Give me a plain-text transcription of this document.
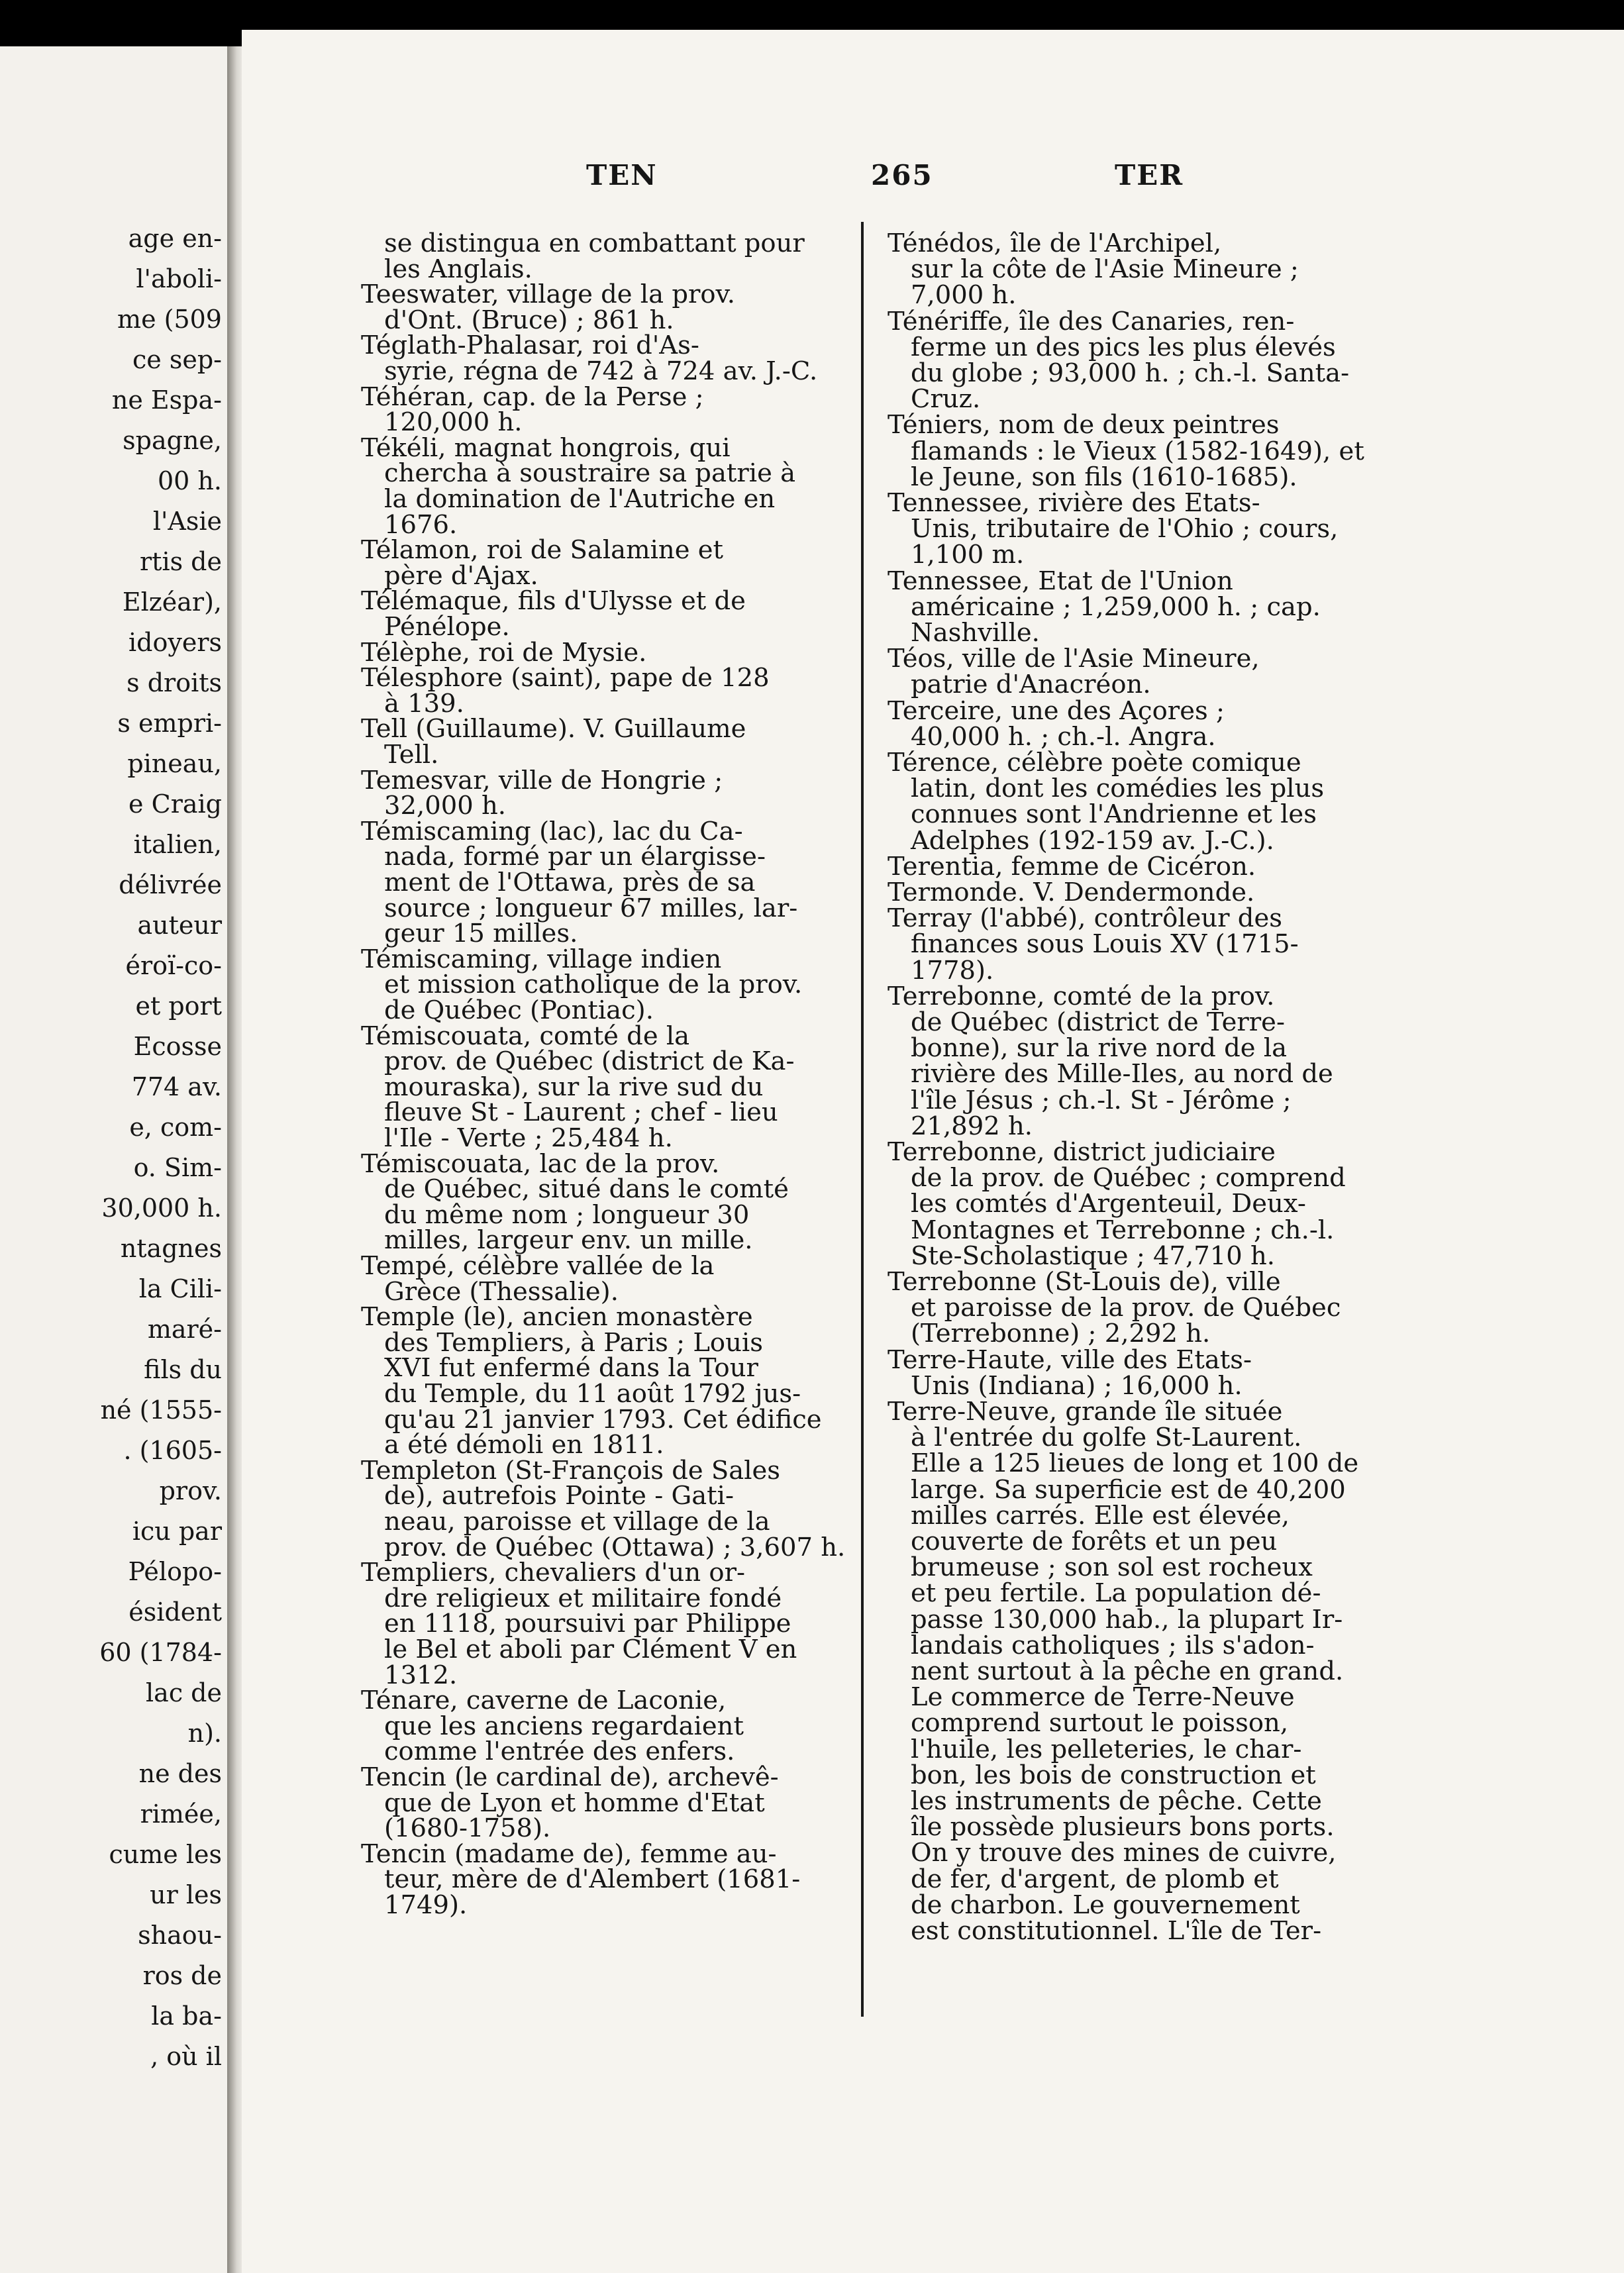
age en-
l'aboli-
me (509
ce sep-
ne Espa-
spagne,
00 h.
l'Asie
rtis de
Elzéar),
idoyers
s droits
s empri-
pineau,
e Craig
italien,
délivrée
auteur
éroï-co-
et port
Ecosse
774 av.
e, com-
o. Sim-
30,000 h.
ntagnes
la Cili-
maré-
fils du
né (1555-
. (1605-
prov.
icu par
Pélopo-
ésident
60 (1784-
lac de
n).
ne des
rimée,
cume les
ur les
shaou-
ros de
la ba-
, où il
TEN	265	TER
se distingua en combattant pour
les Anglais.
Teeswater, village de la prov.
d'Ont. (Bruce) ; 861 h.
Téglath-Phalasar, roi d'As-
syrie, régna de 742 à 724 av. J.-C.
Téhéran, cap. de la Perse ;
120,000 h.
Tékéli, magnat hongrois, qui
chercha à soustraire sa patrie à
la domination de l'Autriche en
1676.
Télamon, roi de Salamine et
père d'Ajax.
Télémaque, fils d'Ulysse et de
Pénélope.
Télèphe, roi de Mysie.
Télesphore (saint), pape de 128
à 139.
Tell (Guillaume). V. Guillaume
Tell.
Temesvar, ville de Hongrie ;
32,000 h.
Témiscaming (lac), lac du Ca-
nada, formé par un élargisse-
ment de l'Ottawa, près de sa
source ; longueur 67 milles, lar-
geur 15 milles.
Témiscaming, village indien
et mission catholique de la prov.
de Québec (Pontiac).
Témiscouata, comté de la
prov. de Québec (district de Ka-
mouraska), sur la rive sud du
fleuve St - Laurent ; chef - lieu
l'Ile - Verte ; 25,484 h.
Témiscouata, lac de la prov.
de Québec, situé dans le comté
du même nom ; longueur 30
milles, largeur env. un mille.
Tempé, célèbre vallée de la
Grèce (Thessalie).
Temple (le), ancien monastère
des Templiers, à Paris ; Louis
XVI fut enfermé dans la Tour
du Temple, du 11 août 1792 jus-
qu'au 21 janvier 1793. Cet édifice
a été démoli en 1811.
Templeton (St-François de Sales
de), autrefois Pointe - Gati-
neau, paroisse et village de la
prov. de Québec (Ottawa) ; 3,607 h.
Templiers, chevaliers d'un or-
dre religieux et militaire fondé
en 1118, poursuivi par Philippe
le Bel et aboli par Clément V en
1312.
Ténare, caverne de Laconie,
que les anciens regardaient
comme l'entrée des enfers.
Tencin (le cardinal de), archevê-
que de Lyon et homme d'Etat
(1680-1758).
Tencin (madame de), femme au-
teur, mère de d'Alembert (1681-
1749).
Ténédos, île de l'Archipel,
sur la côte de l'Asie Mineure ;
7,000 h.
Ténériffe, île des Canaries, ren-
ferme un des pics les plus élevés
du globe ; 93,000 h. ; ch.-l. Santa-
Cruz.
Téniers, nom de deux peintres
flamands : le Vieux (1582-1649), et
le Jeune, son fils (1610-1685).
Tennessee, rivière des Etats-
Unis, tributaire de l'Ohio ; cours,
1,100 m.
Tennessee, Etat de l'Union
américaine ; 1,259,000 h. ; cap.
Nashville.
Téos, ville de l'Asie Mineure,
patrie d'Anacréon.
Terceire, une des Açores ;
40,000 h. ; ch.-l. Angra.
Térence, célèbre poète comique
latin, dont les comédies les plus
connues sont l'Andrienne et les
Adelphes (192-159 av. J.-C.).
Terentia, femme de Cicéron.
Termonde. V. Dendermonde.
Terray (l'abbé), contrôleur des
finances sous Louis XV (1715-
1778).
Terrebonne, comté de la prov.
de Québec (district de Terre-
bonne), sur la rive nord de la
rivière des Mille-Iles, au nord de
l'île Jésus ; ch.-l. St - Jérôme ;
21,892 h.
Terrebonne, district judiciaire
de la prov. de Québec ; comprend
les comtés d'Argenteuil, Deux-
Montagnes et Terrebonne ; ch.-l.
Ste-Scholastique ; 47,710 h.
Terrebonne (St-Louis de), ville
et paroisse de la prov. de Québec
(Terrebonne) ; 2,292 h.
Terre-Haute, ville des Etats-
Unis (Indiana) ; 16,000 h.
Terre-Neuve, grande île située
à l'entrée du golfe St-Laurent.
Elle a 125 lieues de long et 100 de
large. Sa superficie est de 40,200
milles carrés. Elle est élevée,
couverte de forêts et un peu
brumeuse ; son sol est rocheux
et peu fertile. La population dé-
passe 130,000 hab., la plupart Ir-
landais catholiques ; ils s'adon-
nent surtout à la pêche en grand.
Le commerce de Terre-Neuve
comprend surtout le poisson,
l'huile, les pelleteries, le char-
bon, les bois de construction et
les instruments de pêche. Cette
île possède plusieurs bons ports.
On y trouve des mines de cuivre,
de fer, d'argent, de plomb et
de charbon. Le gouvernement
est constitutionnel. L'île de Ter-
